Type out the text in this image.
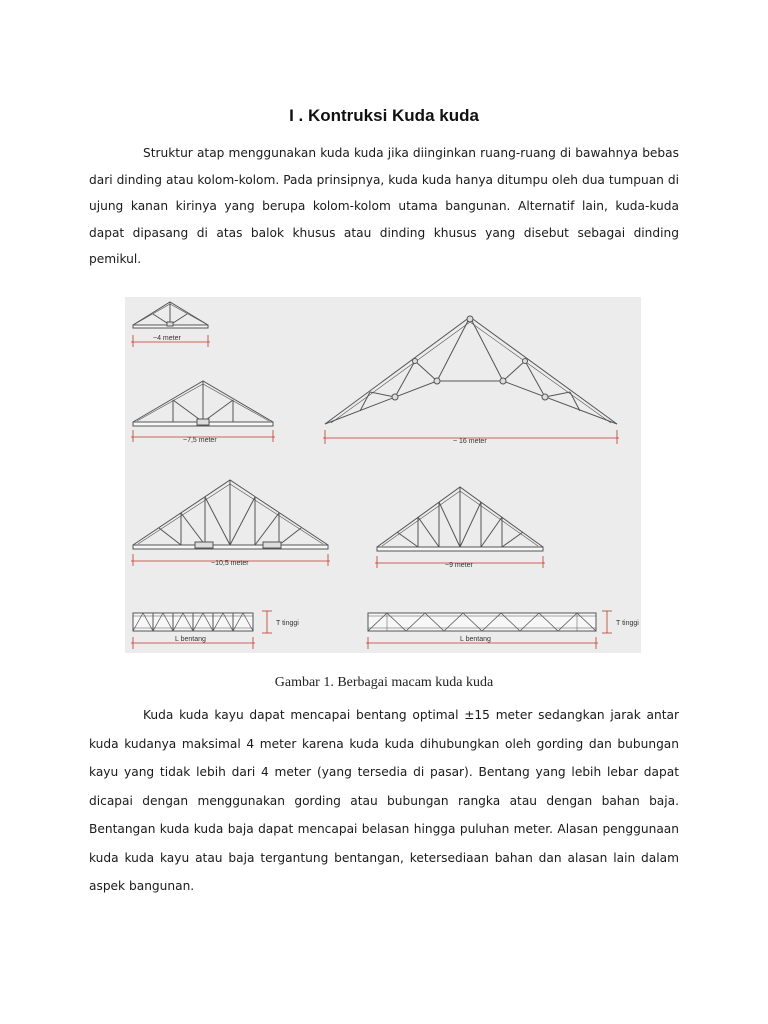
I . Kontruksi Kuda kuda

Struktur atap menggunakan kuda kuda jika diinginkan ruang-ruang di bawahnya bebas dari dinding atau kolom-kolom. Pada prinsipnya, kuda kuda hanya ditumpu oleh dua tumpuan di ujung kanan kirinya yang berupa kolom-kolom utama bangunan. Alternatif lain, kuda-kuda dapat dipasang di atas balok khusus atau dinding khusus yang disebut sebagai dinding pemikul.

~4 meter
~7,5 meter	~ 16 meter
~10,5 meter	~9 meter
L bentang
T tinggi
L bentang
T tinggi
Gambar 1. Berbagai macam kuda kuda

Kuda kuda kayu dapat mencapai bentang optimal ±15 meter sedangkan jarak antar kuda kudanya maksimal 4 meter karena kuda kuda dihubungkan oleh gording dan bubungan kayu yang tidak lebih dari 4 meter (yang tersedia di pasar). Bentang yang lebih lebar dapat dicapai dengan menggunakan gording atau bubungan rangka atau dengan bahan baja. Bentangan kuda kuda baja dapat mencapai belasan hingga puluhan meter. Alasan penggunaan kuda kuda kayu atau baja tergantung bentangan, ketersediaan bahan dan alasan lain dalam aspek bangunan.
